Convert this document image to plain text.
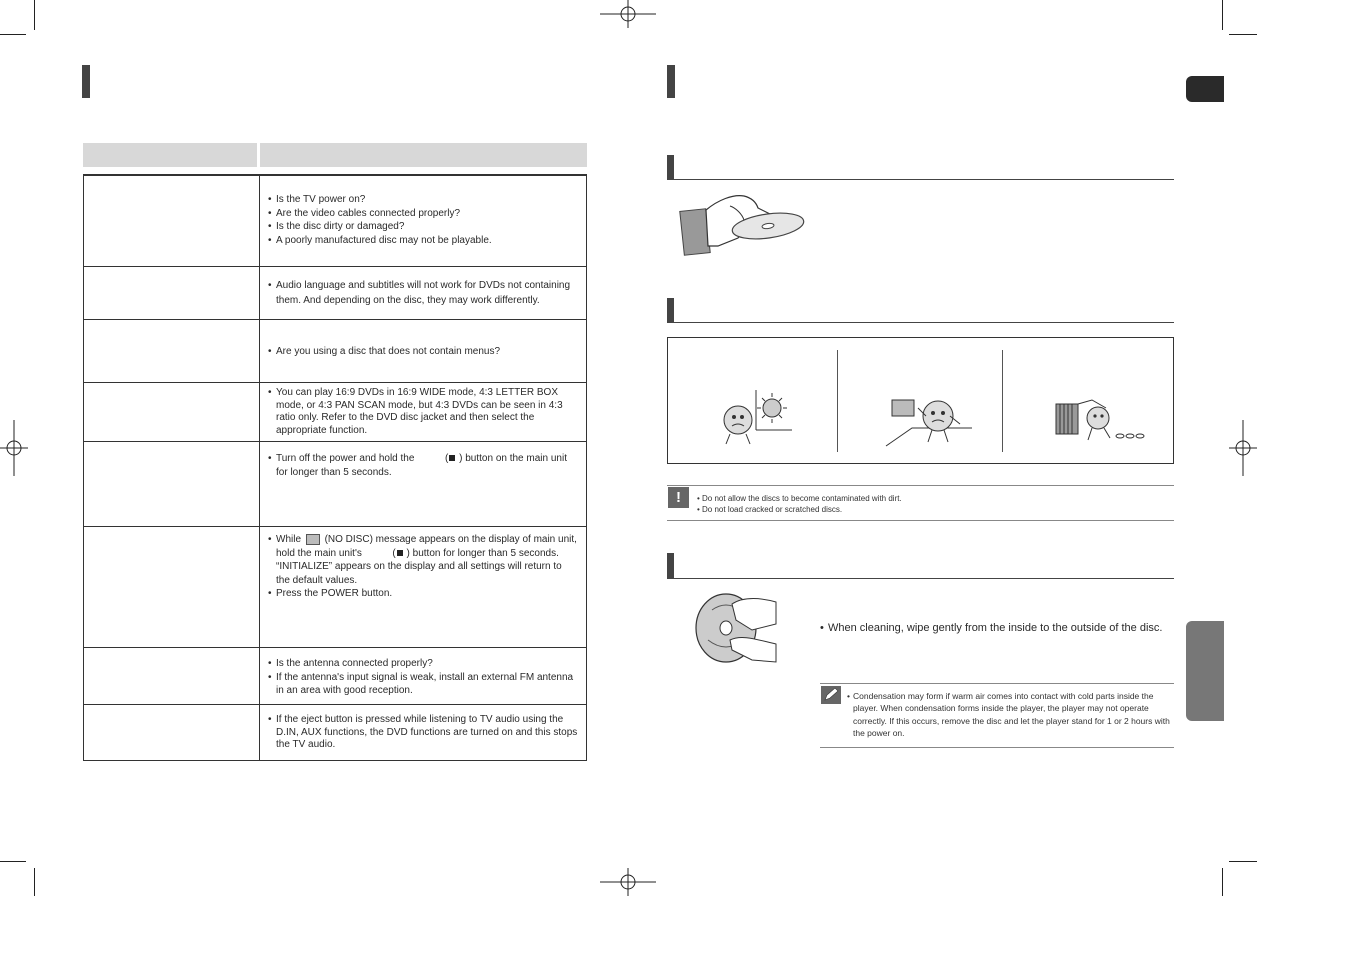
• Is the TV power on?
• Are the video cables connected properly?
• Is the disc dirty or damaged?
• A poorly manufactured disc may not be playable.
• Audio language and subtitles will not work for DVDs not containing them. And depending on the disc, they may work differently.
• Are you using a disc that does not contain menus?
• You can play 16:9 DVDs in 16:9 WIDE mode, 4:3 LETTER BOX mode, or 4:3 PAN SCAN mode, but 4:3 DVDs can be seen in 4:3 ratio only. Refer to the DVD disc jacket and then select the appropriate function.
• Turn off the power and hold the           ( ) button on the main unit for longer than 5 seconds.
• While (NO DISC) message appears on the display of main unit, hold the main unit's           ( ) button for longer than 5 seconds. “INITIALIZE” appears on the display and all settings will return to the default values.
• Press the POWER button.
• Is the antenna connected properly?
• If the antenna's input signal is weak, install an external FM antenna in an area with good reception.
• If the eject button is pressed while listening to TV audio using the D.IN, AUX functions, the DVD functions are turned on and this stops the TV audio.
!	• Do not allow the discs to become contaminated with dirt.
• Do not load cracked or scratched discs.
• When cleaning, wipe gently from the inside to the outside of the disc.
• Condensation may form if warm air comes into contact with cold parts inside the player. When condensation forms inside the player, the player may not operate correctly. If this occurs, remove the disc and let the player stand for 1 or 2 hours with the power on.
